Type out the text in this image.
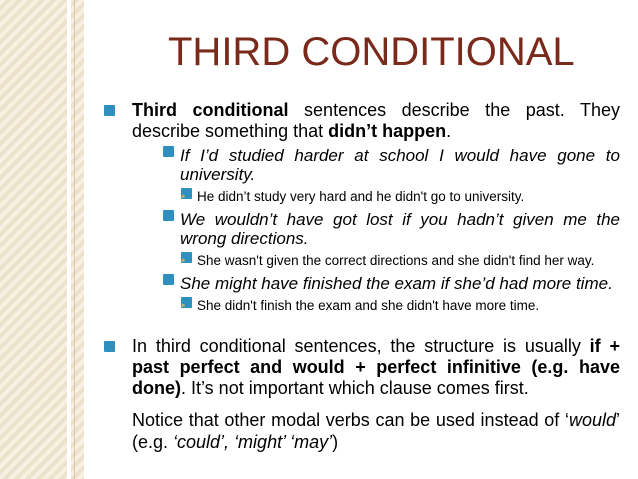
THIRD CONDITIONAL
Third conditional sentences describe the past. They describe something that didn’t happen.
◦ If I’d studied harder at school I would have gone to university.
▪ He didn’t study very hard and he didn't go to university.
◦ We wouldn’t have got lost if you hadn’t given me the wrong directions.
▪ She wasn't given the correct directions and she didn't find her way.
◦ She might have finished the exam if she’d had more time.
▪ She didn't finish the exam and she didn't have more time.
In third conditional sentences, the structure is usually if + past perfect and would + perfect infinitive (e.g. have done). It’s not important which clause comes first.
Notice that other modal verbs can be used instead of ‘would’ (e.g. ‘could’, ‘might’ ‘may’)
